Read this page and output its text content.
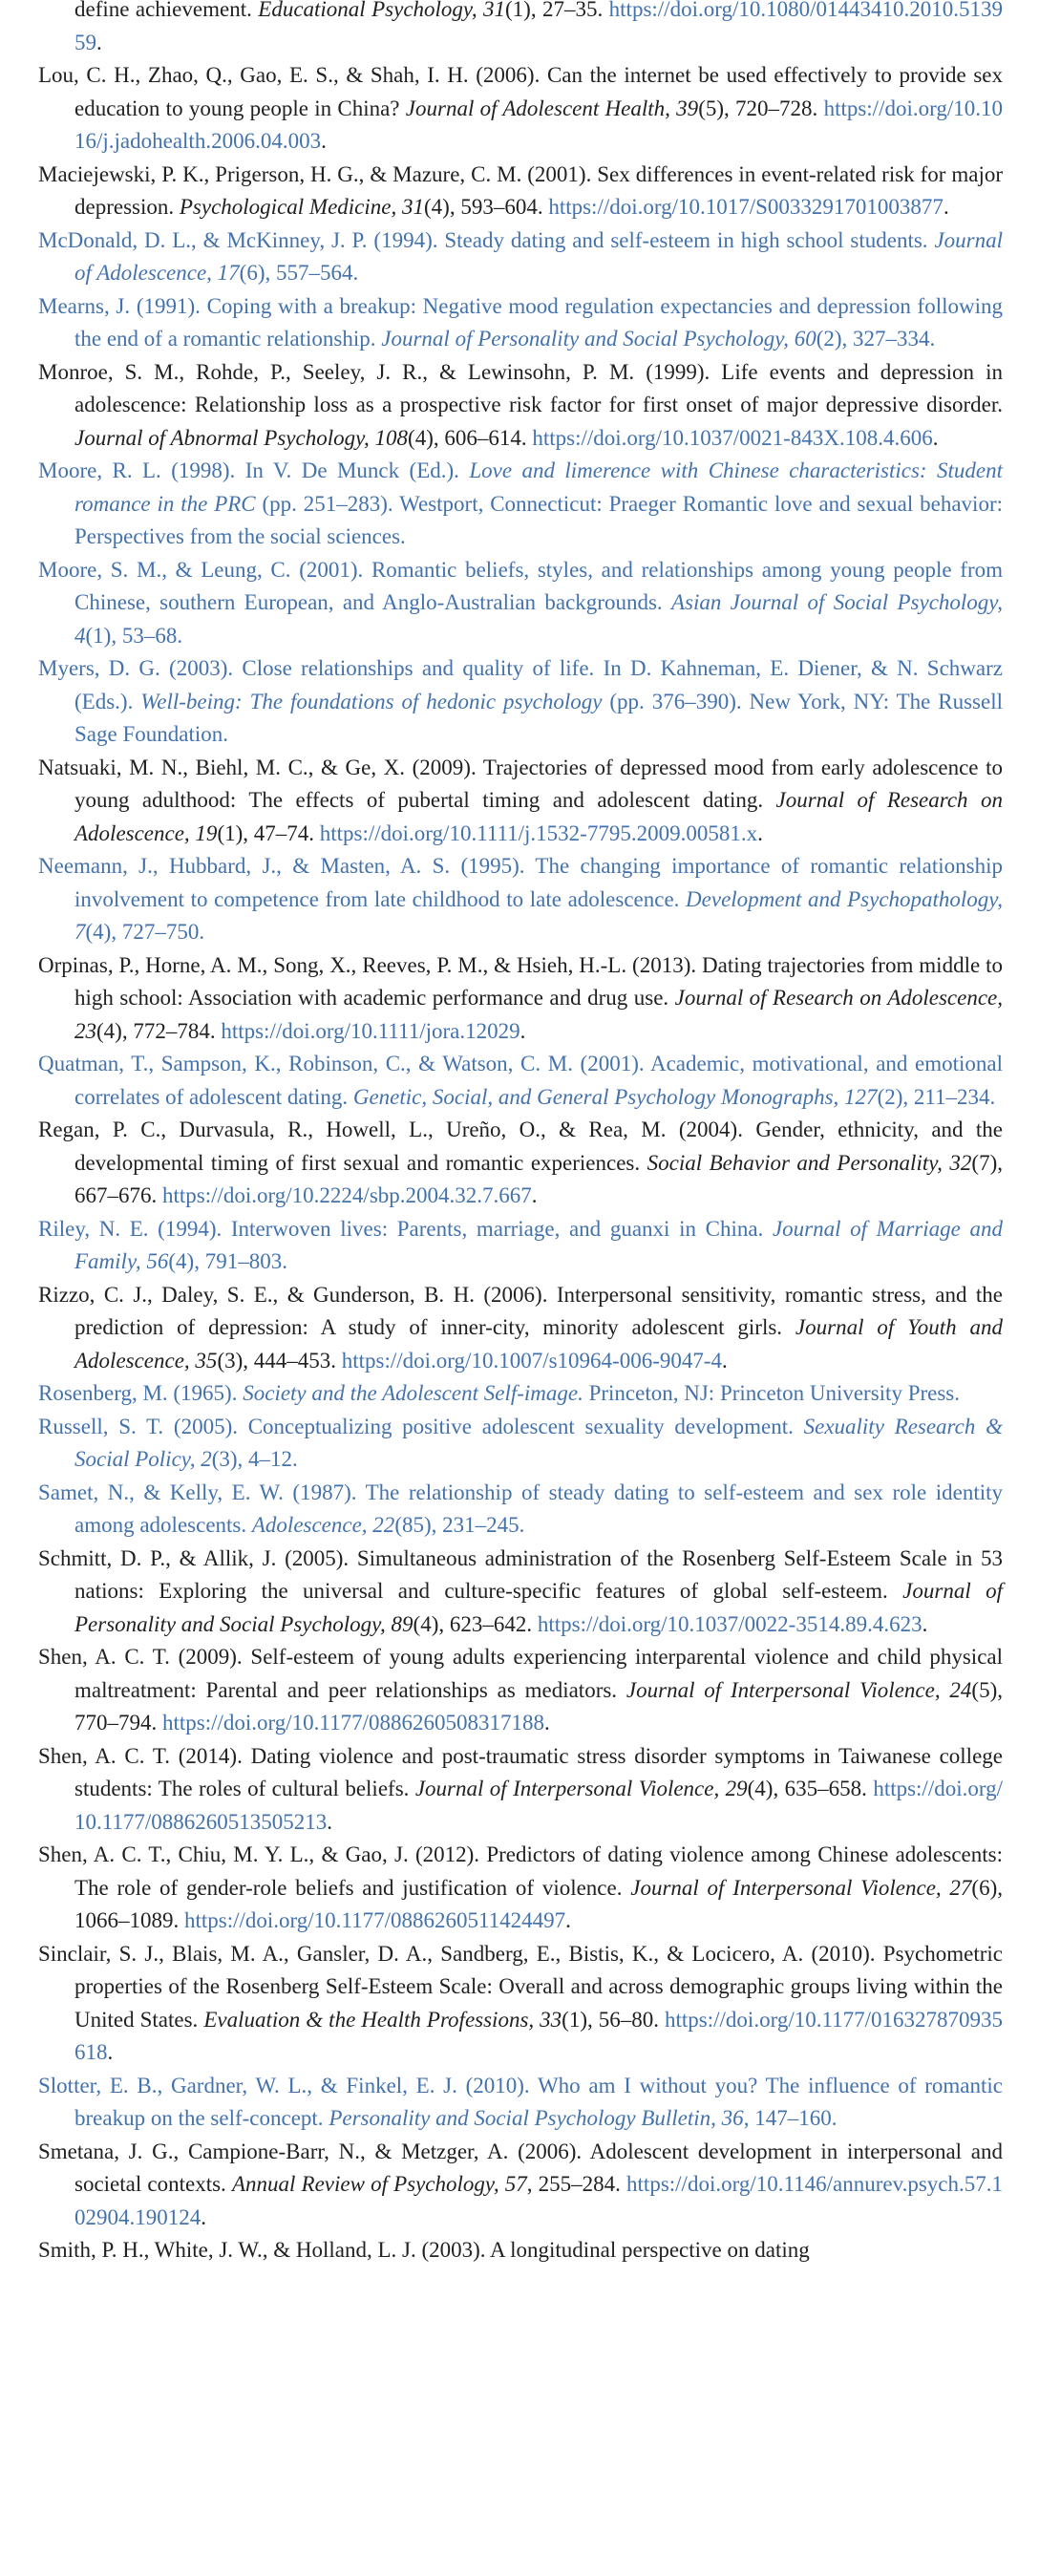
define achievement. Educational Psychology, 31(1), 27–35. https://doi.org/10.1080/01443410.2010.513959.

Lou, C. H., Zhao, Q., Gao, E. S., & Shah, I. H. (2006). Can the internet be used effectively to provide sex education to young people in China? Journal of Adolescent Health, 39(5), 720–728. https://doi.org/10.1016/j.jadohealth.2006.04.003.

Maciejewski, P. K., Prigerson, H. G., & Mazure, C. M. (2001). Sex differences in event-related risk for major depression. Psychological Medicine, 31(4), 593–604. https://doi.org/10.1017/S0033291701003877.

McDonald, D. L., & McKinney, J. P. (1994). Steady dating and self-esteem in high school students. Journal of Adolescence, 17(6), 557–564.

Mearns, J. (1991). Coping with a breakup: Negative mood regulation expectancies and depression following the end of a romantic relationship. Journal of Personality and Social Psychology, 60(2), 327–334.

Monroe, S. M., Rohde, P., Seeley, J. R., & Lewinsohn, P. M. (1999). Life events and depression in adolescence: Relationship loss as a prospective risk factor for first onset of major depressive disorder. Journal of Abnormal Psychology, 108(4), 606–614. https://doi.org/10.1037/0021-843X.108.4.606.

Moore, R. L. (1998). In V. De Munck (Ed.). Love and limerence with Chinese characteristics: Student romance in the PRC (pp. 251–283). Westport, Connecticut: Praeger Romantic love and sexual behavior: Perspectives from the social sciences.

Moore, S. M., & Leung, C. (2001). Romantic beliefs, styles, and relationships among young people from Chinese, southern European, and Anglo-Australian backgrounds. Asian Journal of Social Psychology, 4(1), 53–68.

Myers, D. G. (2003). Close relationships and quality of life. In D. Kahneman, E. Diener, & N. Schwarz (Eds.). Well-being: The foundations of hedonic psychology (pp. 376–390). New York, NY: The Russell Sage Foundation.

Natsuaki, M. N., Biehl, M. C., & Ge, X. (2009). Trajectories of depressed mood from early adolescence to young adulthood: The effects of pubertal timing and adolescent dating. Journal of Research on Adolescence, 19(1), 47–74. https://doi.org/10.1111/j.1532-7795.2009.00581.x.

Neemann, J., Hubbard, J., & Masten, A. S. (1995). The changing importance of romantic relationship involvement to competence from late childhood to late adolescence. Development and Psychopathology, 7(4), 727–750.

Orpinas, P., Horne, A. M., Song, X., Reeves, P. M., & Hsieh, H.-L. (2013). Dating trajectories from middle to high school: Association with academic performance and drug use. Journal of Research on Adolescence, 23(4), 772–784. https://doi.org/10.1111/jora.12029.

Quatman, T., Sampson, K., Robinson, C., & Watson, C. M. (2001). Academic, motivational, and emotional correlates of adolescent dating. Genetic, Social, and General Psychology Monographs, 127(2), 211–234.

Regan, P. C., Durvasula, R., Howell, L., Ureño, O., & Rea, M. (2004). Gender, ethnicity, and the developmental timing of first sexual and romantic experiences. Social Behavior and Personality, 32(7), 667–676. https://doi.org/10.2224/sbp.2004.32.7.667.

Riley, N. E. (1994). Interwoven lives: Parents, marriage, and guanxi in China. Journal of Marriage and Family, 56(4), 791–803.

Rizzo, C. J., Daley, S. E., & Gunderson, B. H. (2006). Interpersonal sensitivity, romantic stress, and the prediction of depression: A study of inner-city, minority adolescent girls. Journal of Youth and Adolescence, 35(3), 444–453. https://doi.org/10.1007/s10964-006-9047-4.

Rosenberg, M. (1965). Society and the Adolescent Self-image. Princeton, NJ: Princeton University Press.

Russell, S. T. (2005). Conceptualizing positive adolescent sexuality development. Sexuality Research & Social Policy, 2(3), 4–12.

Samet, N., & Kelly, E. W. (1987). The relationship of steady dating to self-esteem and sex role identity among adolescents. Adolescence, 22(85), 231–245.

Schmitt, D. P., & Allik, J. (2005). Simultaneous administration of the Rosenberg Self-Esteem Scale in 53 nations: Exploring the universal and culture-specific features of global self-esteem. Journal of Personality and Social Psychology, 89(4), 623–642. https://doi.org/10.1037/0022-3514.89.4.623.

Shen, A. C. T. (2009). Self-esteem of young adults experiencing interparental violence and child physical maltreatment: Parental and peer relationships as mediators. Journal of Interpersonal Violence, 24(5), 770–794. https://doi.org/10.1177/0886260508317188.

Shen, A. C. T. (2014). Dating violence and post-traumatic stress disorder symptoms in Taiwanese college students: The roles of cultural beliefs. Journal of Interpersonal Violence, 29(4), 635–658. https://doi.org/10.1177/0886260513505213.

Shen, A. C. T., Chiu, M. Y. L., & Gao, J. (2012). Predictors of dating violence among Chinese adolescents: The role of gender-role beliefs and justification of violence. Journal of Interpersonal Violence, 27(6), 1066–1089. https://doi.org/10.1177/0886260511424497.

Sinclair, S. J., Blais, M. A., Gansler, D. A., Sandberg, E., Bistis, K., & Locicero, A. (2010). Psychometric properties of the Rosenberg Self-Esteem Scale: Overall and across demographic groups living within the United States. Evaluation & the Health Professions, 33(1), 56–80. https://doi.org/10.1177/016327870935618.

Slotter, E. B., Gardner, W. L., & Finkel, E. J. (2010). Who am I without you? The influence of romantic breakup on the self-concept. Personality and Social Psychology Bulletin, 36, 147–160.

Smetana, J. G., Campione-Barr, N., & Metzger, A. (2006). Adolescent development in interpersonal and societal contexts. Annual Review of Psychology, 57, 255–284. https://doi.org/10.1146/annurev.psych.57.102904.190124.

Smith, P. H., White, J. W., & Holland, L. J. (2003). A longitudinal perspective on dating
